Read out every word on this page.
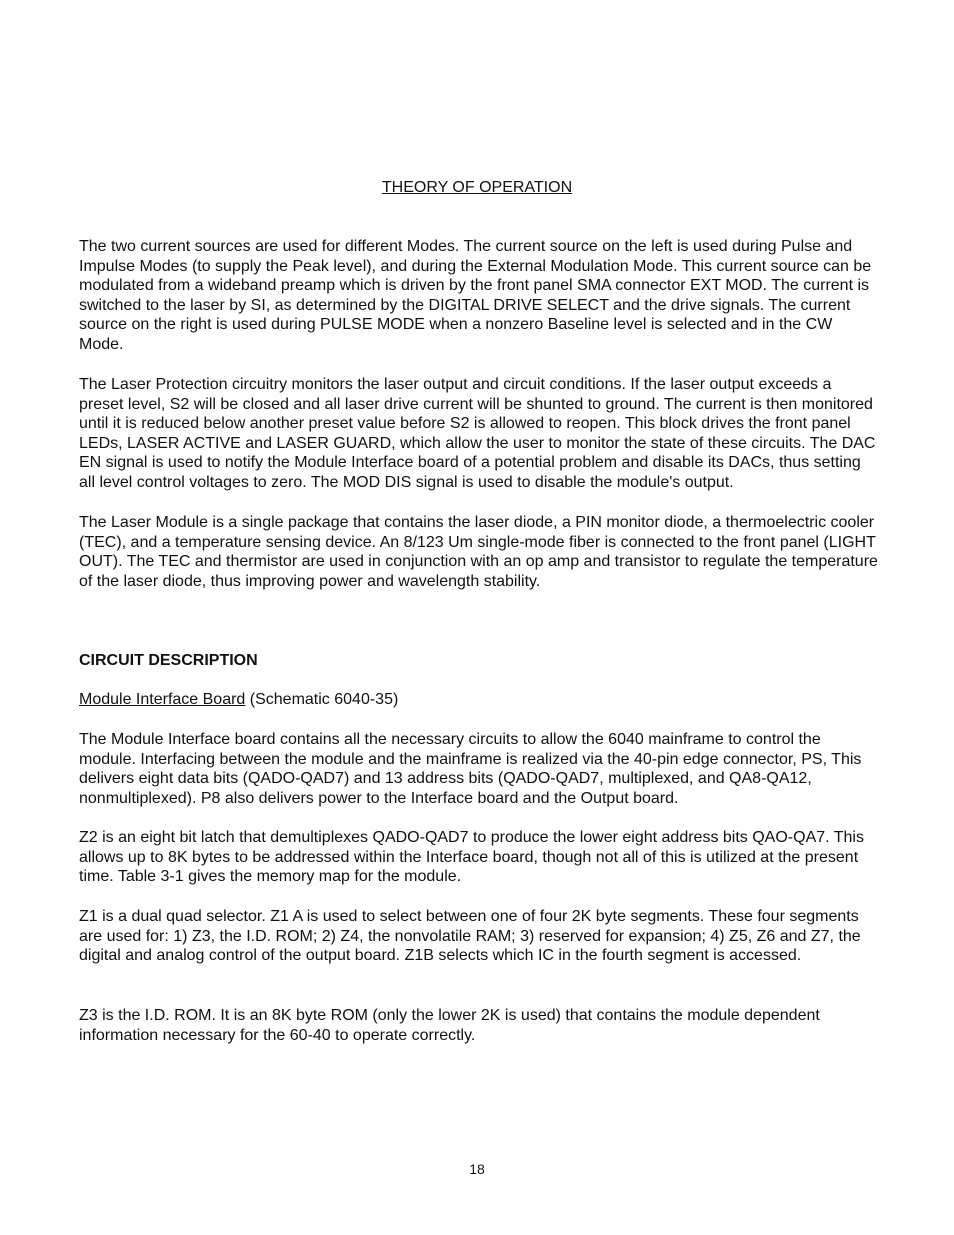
THEORY OF OPERATION

The two current sources are used for different Modes. The current source on the left is used during Pulse and Impulse Modes (to supply the Peak level), and during the External Modulation Mode. This current source can be modulated from a wideband preamp which is driven by the front panel SMA connector EXT MOD. The current is switched to the laser by SI, as determined by the DIGITAL DRIVE SELECT and the drive signals. The current source on the right is used during PULSE MODE when a nonzero Baseline level is selected and in the CW Mode.

The Laser Protection circuitry monitors the laser output and circuit conditions. If the laser output exceeds a preset level, S2 will be closed and all laser drive current will be shunted to ground. The current is then monitored until it is reduced below another preset value before S2 is allowed to reopen. This block drives the front panel LEDs, LASER ACTIVE and LASER GUARD, which allow the user to monitor the state of these circuits. The DAC EN signal is used to notify the Module Interface board of a potential problem and disable its DACs, thus setting all level control voltages to zero. The MOD DIS signal is used to disable the module's output.

The Laser Module is a single package that contains the laser diode, a PIN monitor diode, a thermoelectric cooler (TEC), and a temperature sensing device. An 8/123 Um single-mode fiber is connected to the front panel (LIGHT OUT). The TEC and thermistor are used in conjunction with an op amp and transistor to regulate the temperature of the laser diode, thus improving power and wavelength stability.

CIRCUIT DESCRIPTION

Module Interface Board (Schematic 6040-35)

The Module Interface board contains all the necessary circuits to allow the 6040 mainframe to control the module. Interfacing between the module and the mainframe is realized via the 40-pin edge connector, PS, This delivers eight data bits (QADO-QAD7) and 13 address bits (QADO-QAD7, multiplexed, and QA8-QA12, nonmultiplexed). P8 also delivers power to the Interface board and the Output board.

Z2 is an eight bit latch that demultiplexes QADO-QAD7 to produce the lower eight address bits QAO-QA7. This allows up to 8K bytes to be addressed within the Interface board, though not all of this is utilized at the present time. Table 3-1 gives the memory map for the module.

Z1 is a dual quad selector. Z1 A is used to select between one of four 2K byte segments. These four segments are used for: 1) Z3, the I.D. ROM; 2) Z4, the nonvolatile RAM; 3) reserved for expansion; 4) Z5, Z6 and Z7, the digital and analog control of the output board. Z1B selects which IC in the fourth segment is accessed.

Z3 is the I.D. ROM. It is an 8K byte ROM (only the lower 2K is used) that contains the module dependent information necessary for the 60-40 to operate correctly.

18
